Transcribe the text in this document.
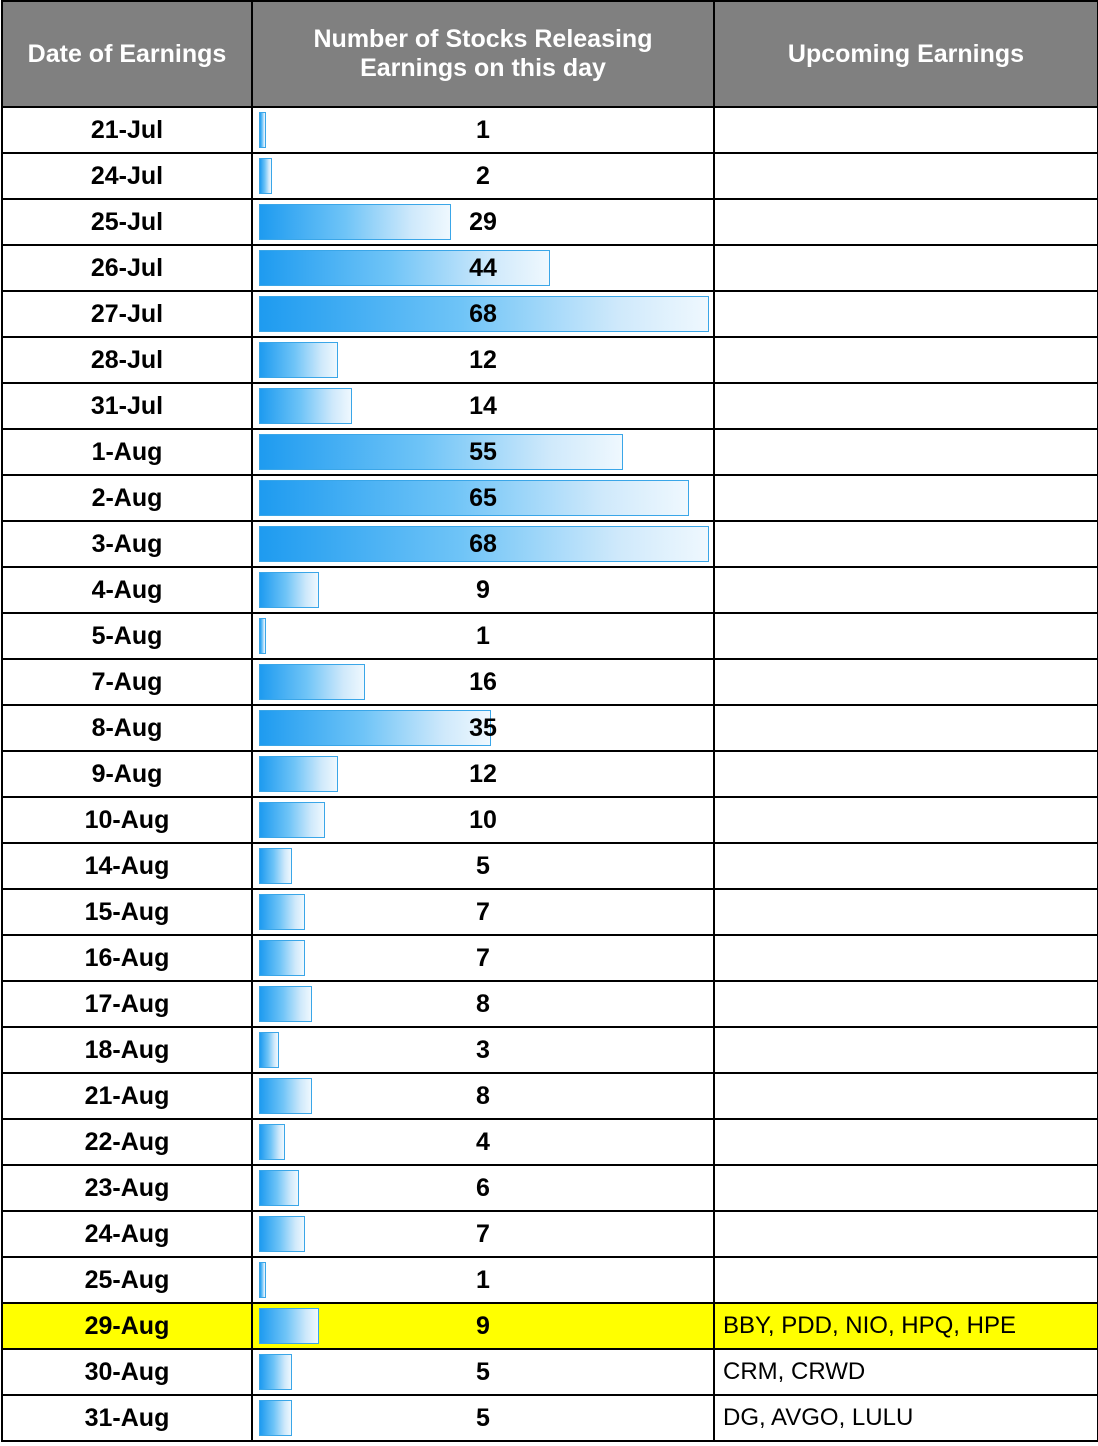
Date of Earnings	Number of Stocks Releasing Earnings on this day	Upcoming Earnings
21-Jul	1	

24-Jul	2	

25-Jul	29	

26-Jul	44	

27-Jul	68	

28-Jul	12	

31-Jul	14	

1-Aug	55	

2-Aug	65	

3-Aug	68	

4-Aug	9	

5-Aug	1	

7-Aug	16	

8-Aug	35	

9-Aug	12	

10-Aug	10	

14-Aug	5	

15-Aug	7	

16-Aug	7	

17-Aug	8	

18-Aug	3	

21-Aug	8	

22-Aug	4	

23-Aug	6	

24-Aug	7	

25-Aug	1	

29-Aug	9	BBY, PDD, NIO, HPQ, HPE
30-Aug	5	CRM, CRWD
31-Aug	5	DG, AVGO, LULU
